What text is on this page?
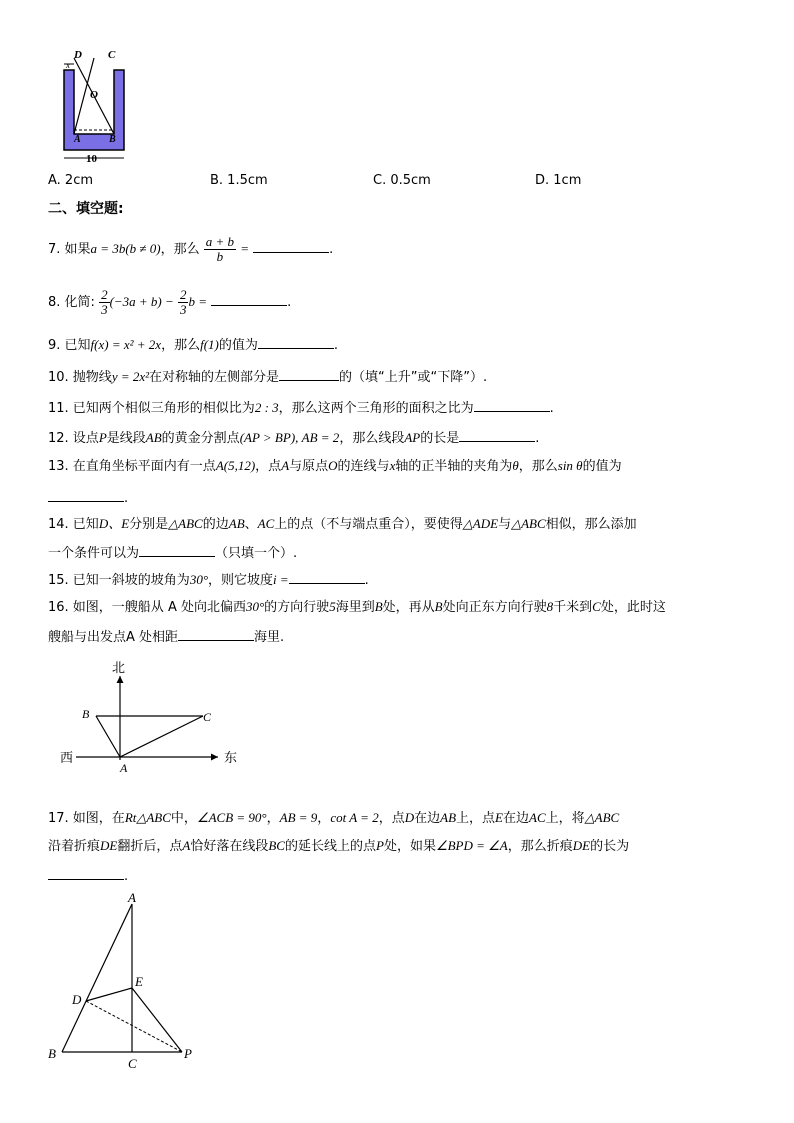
D C
O
A	B
10
x
A. 2cm	B. 1.5cm	C. 0.5cm	D. 1cm
二、填空题:
7. 如果a = 3b(b ≠ 0)，那么 $\frac{a + b}{b}$ =	.
8. 化简: $\frac{2}{3} (-3a + b) - \frac{2}{3}$ b =	.
9. 已知f(x) = x² + 2x，那么f(1)的值为	.
10. 抛物线y = 2x²在对称轴的左侧部分是	的（填“上升”或“下降”）.
11. 已知两个相似三角形的相似比为2 : 3，那么这两个三角形的面积之比为	.
12. 设点P是线段AB的黄金分割点(AP > BP), AB = 2，那么线段AP的长是	.
13. 在直角坐标平面内有一点A(5,12)，点A与原点O的连线与x轴的正半轴的夹角为θ，那么sin θ的值为
.
14. 已知D、E分别是△ABC的边AB、AC上的点（不与端点重合），要使得△ADE与△ABC相似，那么添加
一个条件可以为	（只填一个）.
15. 已知一斜坡的坡角为30°，则它坡度i =	.
16. 如图，一艘船从 A 处向北偏西30°的方向行驶5海里到B处，再从B处向正东方向行驶8千米到C处，此时这
艘船与出发点A 处相距	海里.
北
西	东
A
B	C
17. 如图，在Rt△ABC中，∠ACB = 90°，AB = 9，cot A = 2，点D在边AB上，点E在边AC上，将△ABC
沿着折痕DE翻折后，点A恰好落在线段BC的延长线上的点P处，如果∠BPD = ∠A，那么折痕DE的长为
.
A
B
C
D
E
P
